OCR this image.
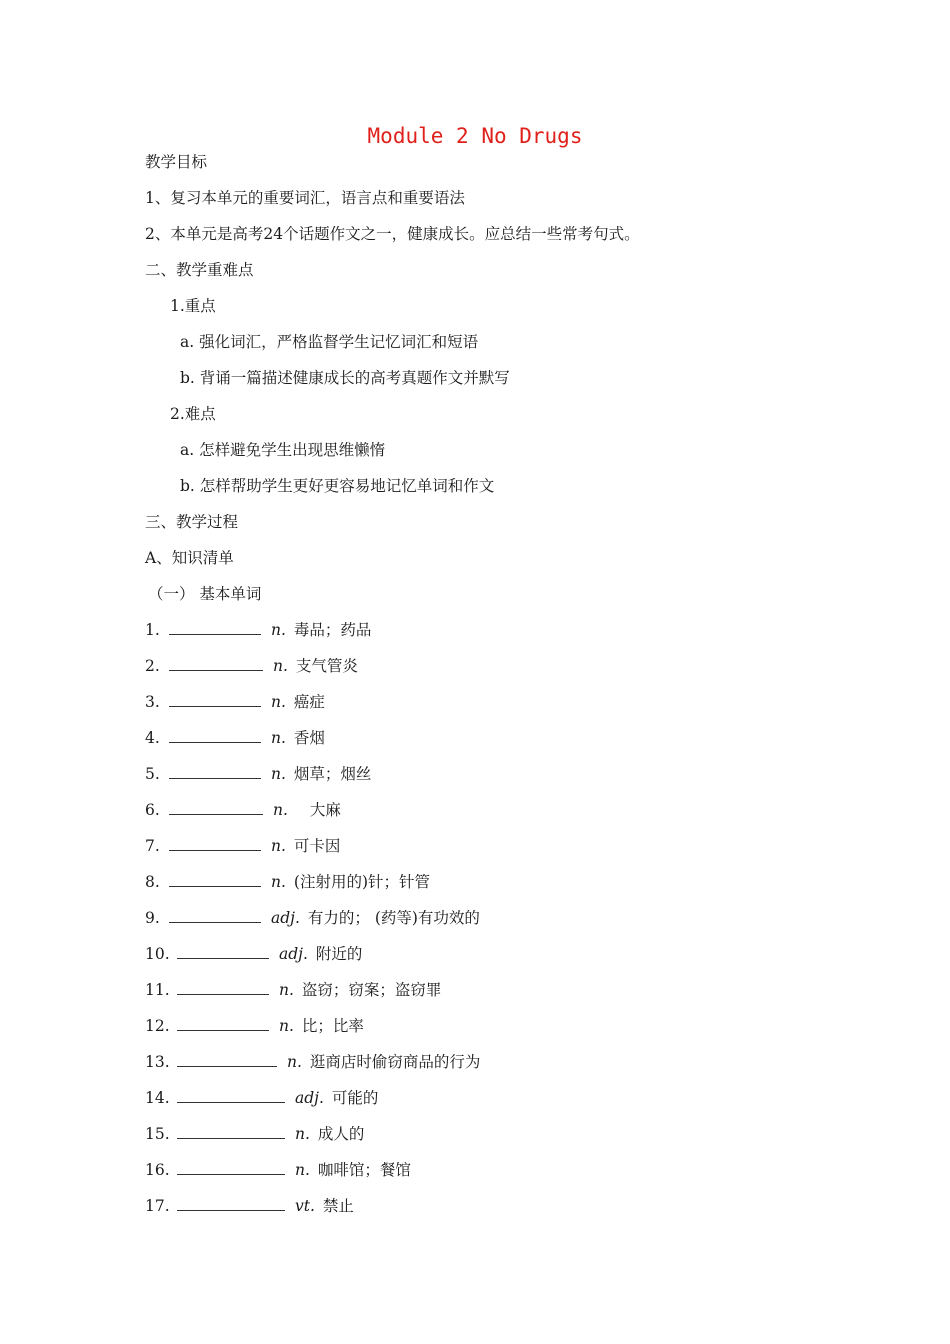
Module 2 No Drugs
教学目标
1、复习本单元的重要词汇，语言点和重要语法
2、本单元是高考24个话题作文之一，健康成长。应总结一些常考句式。
二、教学重难点
1.重点
a. 强化词汇，严格监督学生记忆词汇和短语
b. 背诵一篇描述健康成长的高考真题作文并默写
2.难点
a. 怎样避免学生出现思维懒惰
b. 怎样帮助学生更好更容易地记忆单词和作文
三、教学过程
A、知识清单
（一） 基本单词
1.	n. 毒品；药品
2.	n. 支气管炎
3.	n. 癌症
4.	n. 香烟
5.	n. 烟草；烟丝
6.	n. 大麻
7.	n. 可卡因
8.	n. (注射用的)针；针管
9.	adj. 有力的； (药等)有功效的
10.	adj. 附近的
11.	n. 盗窃；窃案；盗窃罪
12.	n. 比；比率
13.	n. 逛商店时偷窃商品的行为
14.	adj. 可能的
15.	n. 成人的
16.	n. 咖啡馆；餐馆
17.	vt. 禁止
